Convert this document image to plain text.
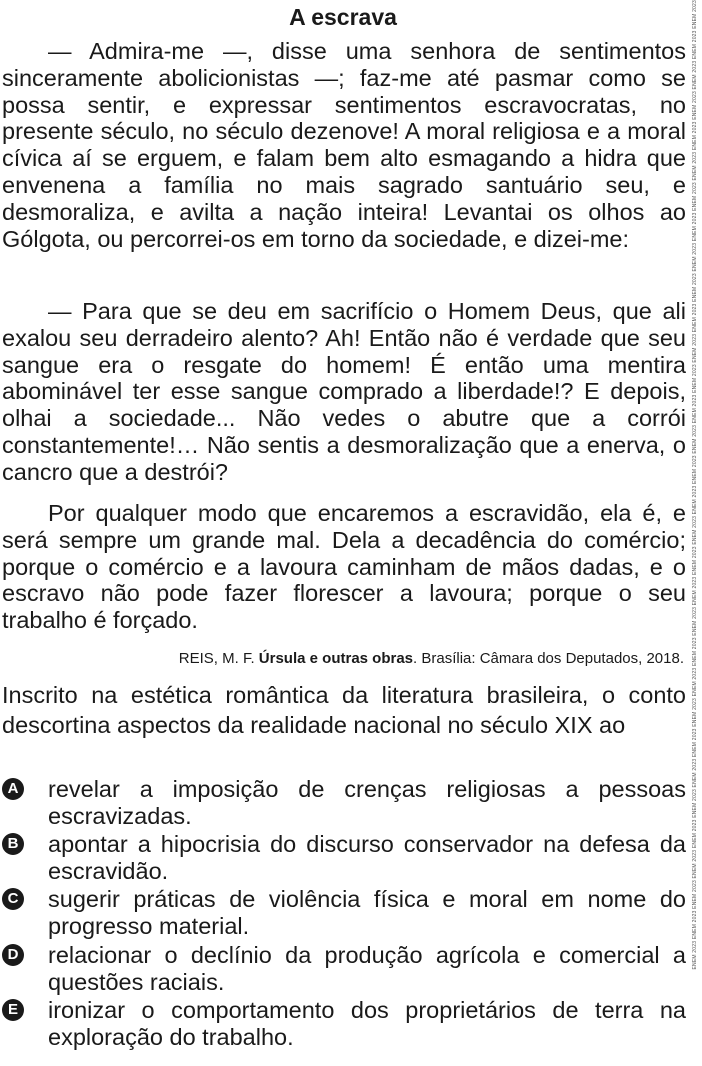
A escrava

— Admira-me —, disse uma senhora de sentimentos sinceramente abolicionistas —; faz-me até pasmar como se possa sentir, e expressar sentimentos escravocratas, no presente século, no século dezenove! A moral religiosa e a moral cívica aí se erguem, e falam bem alto esmagando a hidra que envenena a família no mais sagrado santuário seu, e desmoraliza, e avilta a nação inteira! Levantai os olhos ao Gólgota, ou percorrei-os em torno da sociedade, e dizei-me:

— Para que se deu em sacrifício o Homem Deus, que ali exalou seu derradeiro alento? Ah! Então não é verdade que seu sangue era o resgate do homem! É então uma mentira abominável ter esse sangue comprado a liberdade!? E depois, olhai a sociedade... Não vedes o abutre que a corrói constantemente!… Não sentis a desmoralização que a enerva, o cancro que a destrói?

Por qualquer modo que encaremos a escravidão, ela é, e será sempre um grande mal. Dela a decadência do comércio; porque o comércio e a lavoura caminham de mãos dadas, e o escravo não pode fazer florescer a lavoura; porque o seu trabalho é forçado.

REIS, M. F. Úrsula e outras obras. Brasília: Câmara dos Deputados, 2018.

Inscrito na estética romântica da literatura brasileira, o conto descortina aspectos da realidade nacional no século XIX ao

A revelar a imposição de crenças religiosas a pessoas escravizadas.
B apontar a hipocrisia do discurso conservador na defesa da escravidão.
C sugerir práticas de violência física e moral em nome do progresso material.
D relacionar o declínio da produção agrícola e comercial a questões raciais.
E ironizar o comportamento dos proprietários de terra na exploração do trabalho.
ENEM 2023 ENEM 2023 ENEM 2023 ENEM 2023 ENEM 2023 ENEM 2023 ENEM 2023 ENEM 2023 ENEM 2023 ENEM 2023 ENEM 2023 ENEM 2023 ENEM 2023 ENEM 2023 ENEM 2023 ENEM 2023 ENEM 2023 ENEM 2023 ENEM 2023 ENEM 2023 ENEM 2023 ENEM 2023 ENEM 2023 ENEM 2023 ENEM 2023 ENEM 2023 ENEM 2023 ENEM 2023 ENEM 2023 ENEM 2023 ENEM 2023 ENEM 2023
